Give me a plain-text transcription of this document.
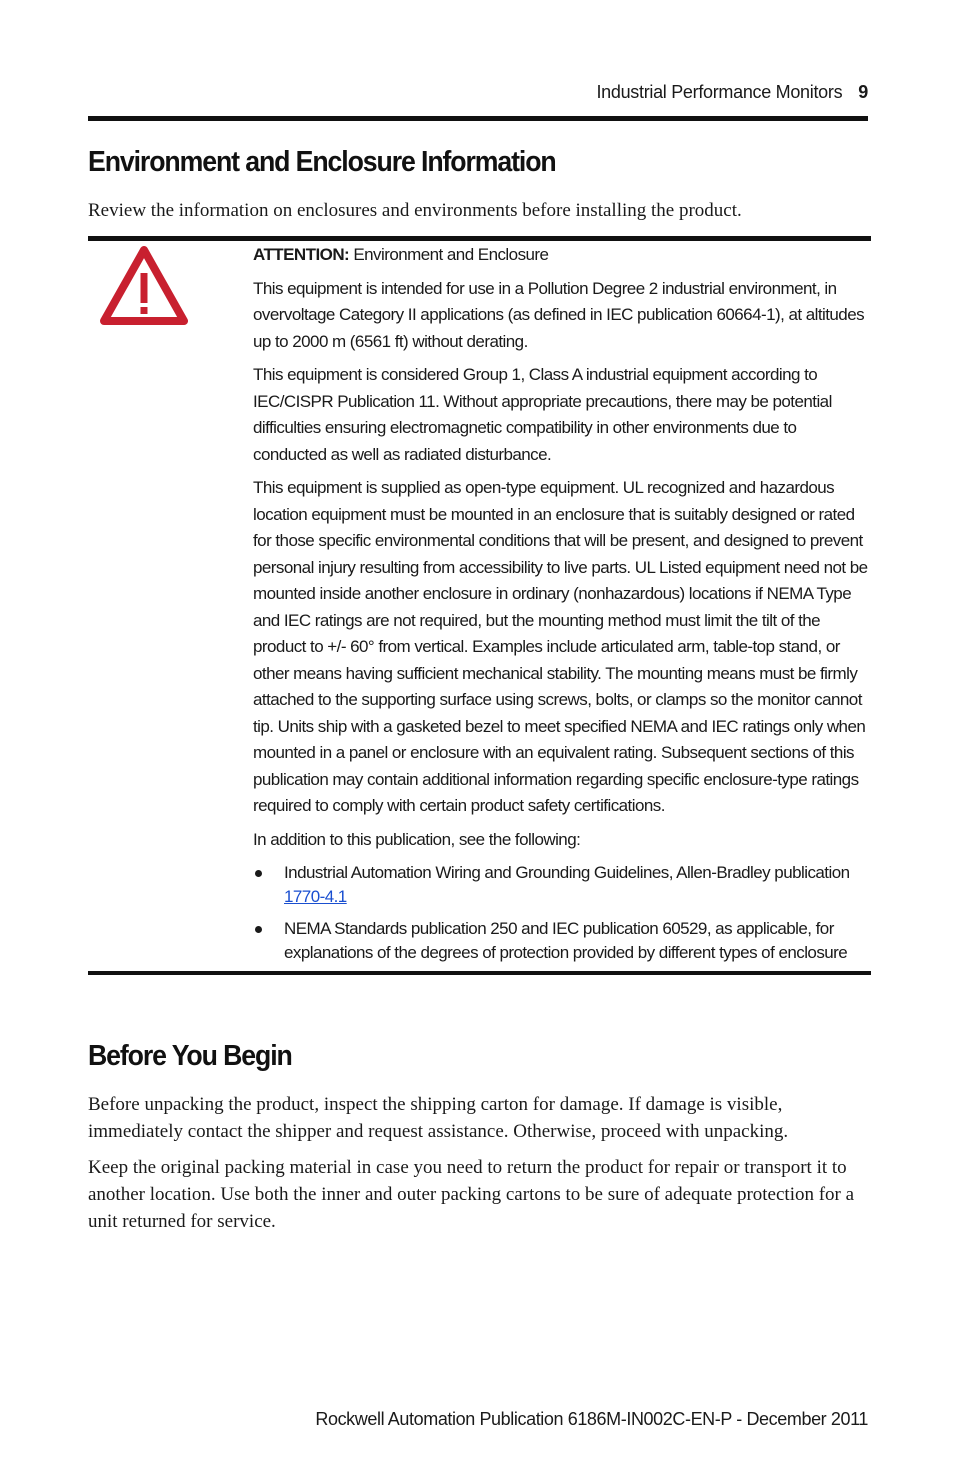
Industrial Performance Monitors 9
Environment and Enclosure Information

Review the information on enclosures and environments before installing the product.

ATTENTION: Environment and Enclosure

This equipment is intended for use in a Pollution Degree 2 industrial environment, in overvoltage Category II applications (as defined in IEC publication 60664-1), at altitudes up to 2000 m (6561 ft) without derating.

This equipment is considered Group 1, Class A industrial equipment according to IEC/CISPR Publication 11. Without appropriate precautions, there may be potential difficulties ensuring electromagnetic compatibility in other environments due to conducted as well as radiated disturbance.

This equipment is supplied as open-type equipment. UL recognized and hazardous location equipment must be mounted in an enclosure that is suitably designed or rated for those specific environmental conditions that will be present, and designed to prevent personal injury resulting from accessibility to live parts. UL Listed equipment need not be mounted inside another enclosure in ordinary (nonhazardous) locations if NEMA Type and IEC ratings are not required, but the mounting method must limit the tilt of the product to +/- 60° from vertical. Examples include articulated arm, table-top stand, or other means having sufficient mechanical stability. The mounting means must be firmly attached to the supporting surface using screws, bolts, or clamps so the monitor cannot tip. Units ship with a gasketed bezel to meet specified NEMA and IEC ratings only when mounted in a panel or enclosure with an equivalent rating. Subsequent sections of this publication may contain additional information regarding specific enclosure-type ratings required to comply with certain product safety certifications.

In addition to this publication, see the following:

Industrial Automation Wiring and Grounding Guidelines, Allen-Bradley publication 1770-4.1
NEMA Standards publication 250 and IEC publication 60529, as applicable, for explanations of the degrees of protection provided by different types of enclosure
Before You Begin

Before unpacking the product, inspect the shipping carton for damage. If damage is visible, immediately contact the shipper and request assistance. Otherwise, proceed with unpacking.

Keep the original packing material in case you need to return the product for repair or transport it to another location. Use both the inner and outer packing cartons to be sure of adequate protection for a unit returned for service.

Rockwell Automation Publication 6186M-IN002C-EN-P - December 2011
